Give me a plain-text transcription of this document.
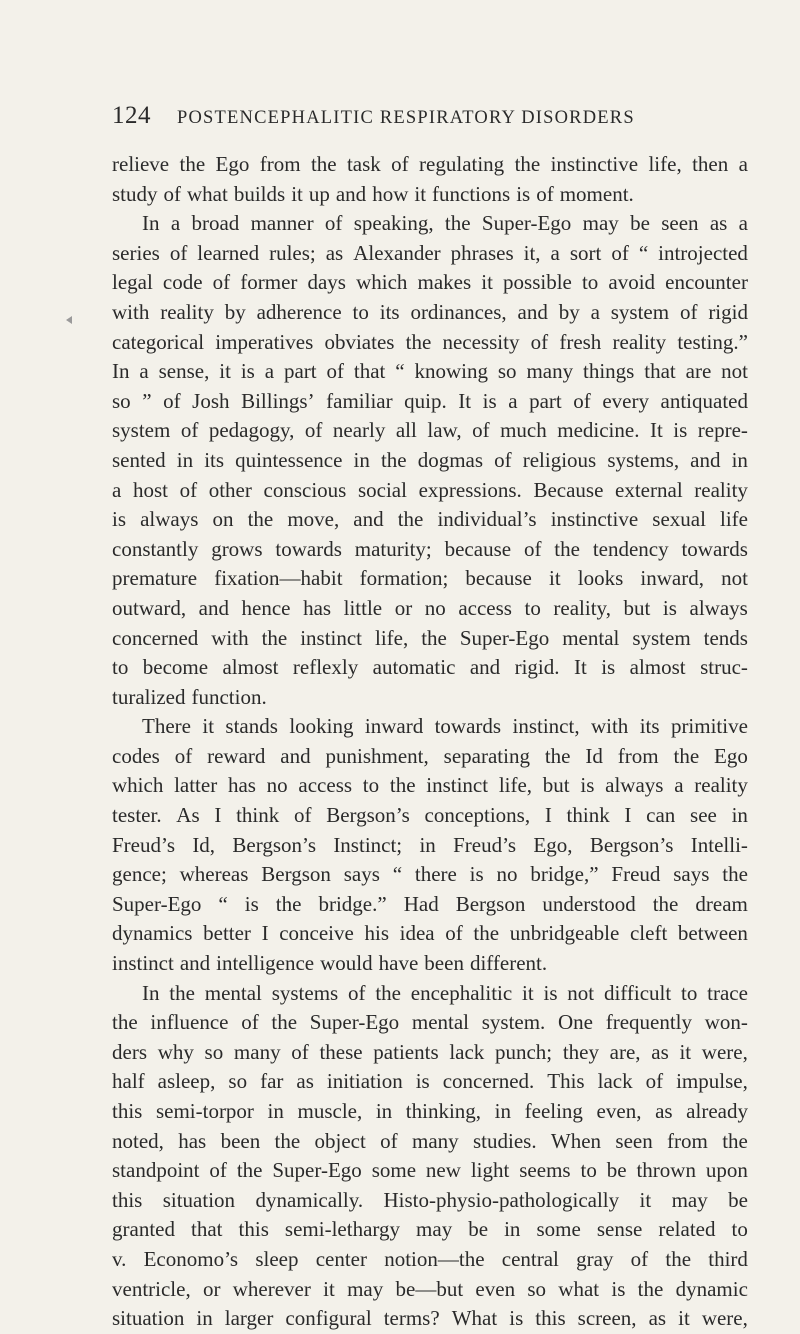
124 POSTENCEPHALITIC RESPIRATORY DISORDERS
relieve the Ego from the task of regulating the instinctive life, then a
study of what builds it up and how it functions is of moment.
In a broad manner of speaking, the Super-Ego may be seen as a
series of learned rules; as Alexander phrases it, a sort of “ introjected
legal code of former days which makes it possible to avoid encounter
with reality by adherence to its ordinances, and by a system of rigid
categorical imperatives obviates the necessity of fresh reality testing.”
In a sense, it is a part of that “ knowing so many things that are not
so ” of Josh Billings’ familiar quip. It is a part of every antiquated
system of pedagogy, of nearly all law, of much medicine. It is repre-
sented in its quintessence in the dogmas of religious systems, and in
a host of other conscious social expressions. Because external reality
is always on the move, and the individual’s instinctive sexual life
constantly grows towards maturity; because of the tendency towards
premature fixation—habit formation; because it looks inward, not
outward, and hence has little or no access to reality, but is always
concerned with the instinct life, the Super-Ego mental system tends
to become almost reflexly automatic and rigid. It is almost struc-
turalized function.
There it stands looking inward towards instinct, with its primitive
codes of reward and punishment, separating the Id from the Ego
which latter has no access to the instinct life, but is always a reality
tester. As I think of Bergson’s conceptions, I think I can see in
Freud’s Id, Bergson’s Instinct; in Freud’s Ego, Bergson’s Intelli-
gence; whereas Bergson says “ there is no bridge,” Freud says the
Super-Ego “ is the bridge.” Had Bergson understood the dream
dynamics better I conceive his idea of the unbridgeable cleft between
instinct and intelligence would have been different.
In the mental systems of the encephalitic it is not difficult to trace
the influence of the Super-Ego mental system. One frequently won-
ders why so many of these patients lack punch; they are, as it were,
half asleep, so far as initiation is concerned. This lack of impulse,
this semi-torpor in muscle, in thinking, in feeling even, as already
noted, has been the object of many studies. When seen from the
standpoint of the Super-Ego some new light seems to be thrown upon
this situation dynamically. Histo-physio-pathologically it may be
granted that this semi-lethargy may be in some sense related to
v. Economo’s sleep center notion—the central gray of the third
ventricle, or wherever it may be—but even so what is the dynamic
situation in larger configural terms? What is this screen, as it were,
